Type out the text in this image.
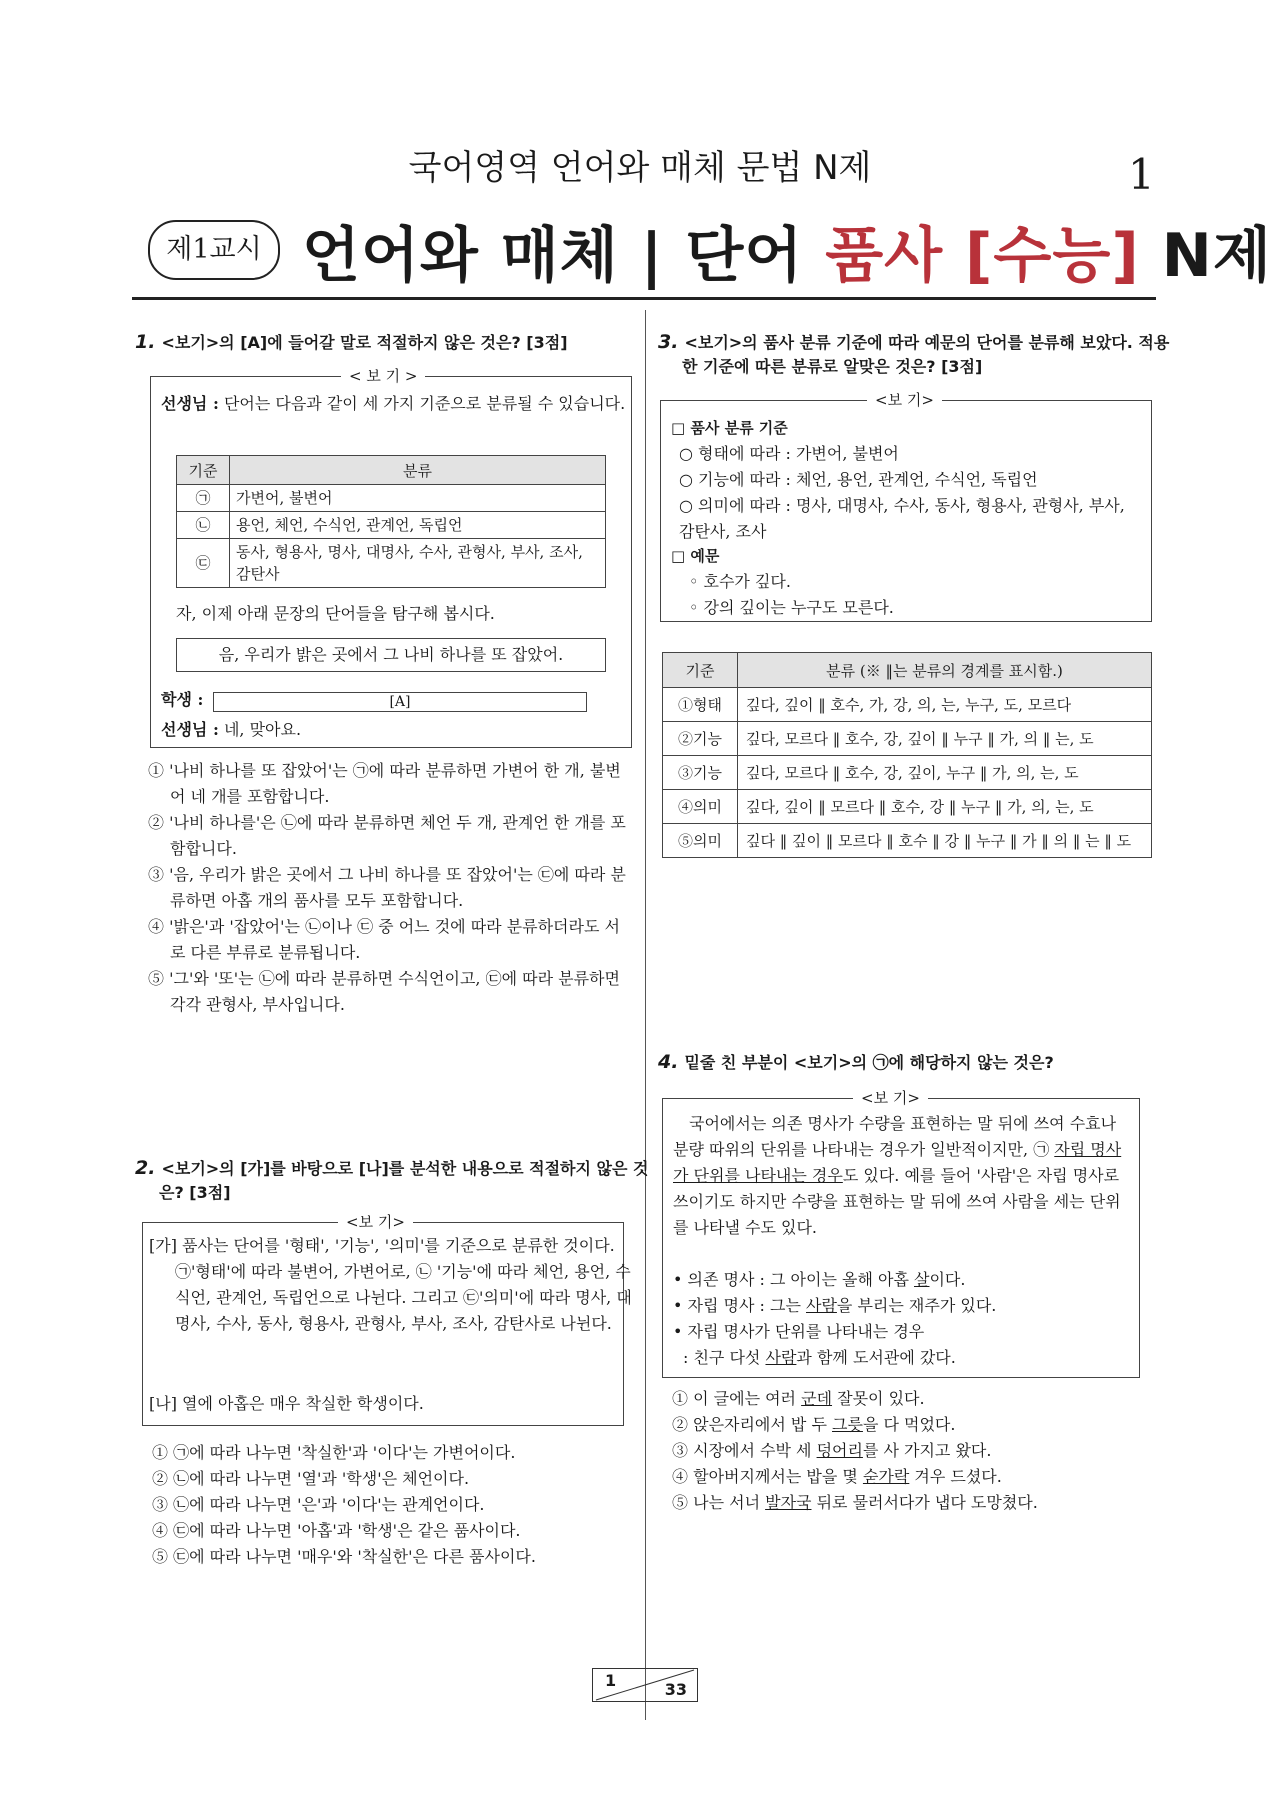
국어영역 언어와 매체 문법 N제	1
제1교시 언어와 매체 | 단어 품사 [수능] N제
1. <보기>의 [A]에 들어갈 말로 적절하지 않은 것은? [3점]
< 보 기 >
선생님 : 단어는 다음과 같이 세 가지 기준으로 분류될 수 있습니다.
기준	분류
㉠	가변어, 불변어
㉡	용언, 체언, 수식언, 관계언, 독립언
㉢	동사, 형용사, 명사, 대명사, 수사, 관형사, 부사, 조사, 감탄사
자, 이제 아래 문장의 단어들을 탐구해 봅시다.
음, 우리가 밝은 곳에서 그 나비 하나를 또 잡았어.
학생 :	[A]
선생님 : 네, 맞아요.
① '나비 하나를 또 잡았어'는 ㉠에 따라 분류하면 가변어 한 개, 불변어 네 개를 포함합니다.
② '나비 하나를'은 ㉡에 따라 분류하면 체언 두 개, 관계언 한 개를 포함합니다.
③ '음, 우리가 밝은 곳에서 그 나비 하나를 또 잡았어'는 ㉢에 따라 분류하면 아홉 개의 품사를 모두 포함합니다.
④ '밝은'과 '잡았어'는 ㉡이나 ㉢ 중 어느 것에 따라 분류하더라도 서로 다른 부류로 분류됩니다.
⑤ '그'와 '또'는 ㉡에 따라 분류하면 수식언이고, ㉢에 따라 분류하면 각각 관형사, 부사입니다.
2. <보기>의 [가]를 바탕으로 [나]를 분석한 내용으로 적절하지 않은 것은? [3점]
<보 기>
[가] 품사는 단어를 '형태', '기능', '의미'를 기준으로 분류한 것이다. ㉠'형태'에 따라 불변어, 가변어로, ㉡ '기능'에 따라 체언, 용언, 수식언, 관계언, 독립언으로 나뉜다. 그리고 ㉢'의미'에 따라 명사, 대명사, 수사, 동사, 형용사, 관형사, 부사, 조사, 감탄사로 나뉜다.
[나] 열에 아홉은 매우 착실한 학생이다.
① ㉠에 따라 나누면 '착실한'과 '이다'는 가변어이다.
② ㉡에 따라 나누면 '열'과 '학생'은 체언이다.
③ ㉡에 따라 나누면 '은'과 '이다'는 관계언이다.
④ ㉢에 따라 나누면 '아홉'과 '학생'은 같은 품사이다.
⑤ ㉢에 따라 나누면 '매우'와 '착실한'은 다른 품사이다.
3. <보기>의 품사 분류 기준에 따라 예문의 단어를 분류해 보았다. 적용한 기준에 따른 분류로 알맞은 것은? [3점]
<보 기>
□ 품사 분류 기준
○ 형태에 따라 : 가변어, 불변어
○ 기능에 따라 : 체언, 용언, 관계언, 수식언, 독립언
○ 의미에 따라 : 명사, 대명사, 수사, 동사, 형용사, 관형사, 부사, 감탄사, 조사
□ 예문
◦ 호수가 깊다.
◦ 강의 깊이는 누구도 모른다.
기준	분류 (※ ‖는 분류의 경계를 표시함.)
①형태	깊다, 깊이 ‖ 호수, 가, 강, 의, 는, 누구, 도, 모르다
②기능	깊다, 모르다 ‖ 호수, 강, 깊이 ‖ 누구 ‖ 가, 의 ‖ 는, 도
③기능	깊다, 모르다 ‖ 호수, 강, 깊이, 누구 ‖ 가, 의, 는, 도
④의미	깊다, 깊이 ‖ 모르다 ‖ 호수, 강 ‖ 누구 ‖ 가, 의, 는, 도
⑤의미	깊다 ‖ 깊이 ‖ 모르다 ‖ 호수 ‖ 강 ‖ 누구 ‖ 가 ‖ 의 ‖ 는 ‖ 도
4. 밑줄 친 부분이 <보기>의 ㉠에 해당하지 않는 것은?
<보 기>
국어에서는 의존 명사가 수량을 표현하는 말 뒤에 쓰여 수효나 분량 따위의 단위를 나타내는 경우가 일반적이지만, ㉠ 자립 명사가 단위를 나타내는 경우도 있다. 예를 들어 '사람'은 자립 명사로 쓰이기도 하지만 수량을 표현하는 말 뒤에 쓰여 사람을 세는 단위를 나타낼 수도 있다.
• 의존 명사 : 그 아이는 올해 아홉 살이다.
• 자립 명사 : 그는 사람을 부리는 재주가 있다.
• 자립 명사가 단위를 나타내는 경우
: 친구 다섯 사람과 함께 도서관에 갔다.
① 이 글에는 여러 군데 잘못이 있다.
② 앉은자리에서 밥 두 그릇을 다 먹었다.
③ 시장에서 수박 세 덩어리를 사 가지고 왔다.
④ 할아버지께서는 밥을 몇 숟가락 겨우 드셨다.
⑤ 나는 서너 발자국 뒤로 물러서다가 냅다 도망쳤다.
1	33
